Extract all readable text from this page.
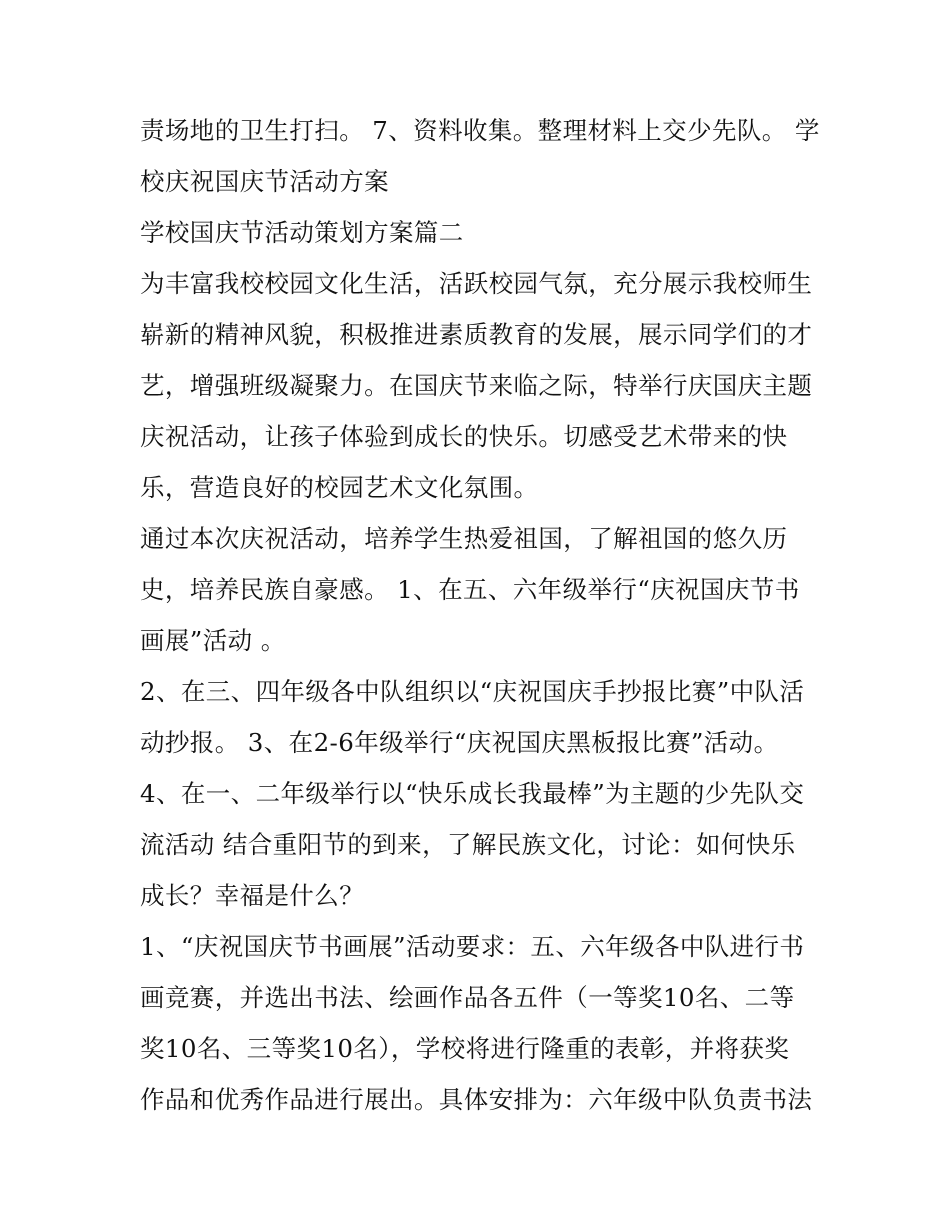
责场地的卫生打扫。 7、资料收集。整理材料上交少先队。 学
校庆祝国庆节活动方案
学校国庆节活动策划方案篇二
为丰富我校校园文化生活，活跃校园气氛，充分展示我校师生
崭新的精神风貌，积极推进素质教育的发展，展示同学们的才
艺，增强班级凝聚力。在国庆节来临之际，特举行庆国庆主题
庆祝活动，让孩子体验到成长的快乐。切感受艺术带来的快
乐，营造良好的校园艺术文化氛围。
通过本次庆祝活动，培养学生热爱祖国，了解祖国的悠久历
史，培养民族自豪感。 1、在五、六年级举行“庆祝国庆节书
画展”活动 。
2、在三、四年级各中队组织以“庆祝国庆手抄报比赛”中队活
动抄报。 3、在2-6年级举行“庆祝国庆黑板报比赛”活动。
4、在一、二年级举行以“快乐成长我最棒”为主题的少先队交
流活动 结合重阳节的到来，了解民族文化，讨论：如何快乐
成长？幸福是什么？
1、“庆祝国庆节书画展”活动要求：五、六年级各中队进行书
画竞赛，并选出书法、绘画作品各五件（一等奖10名、二等
奖10名、三等奖10名），学校将进行隆重的表彰，并将获奖
作品和优秀作品进行展出。具体安排为：六年级中队负责书法
